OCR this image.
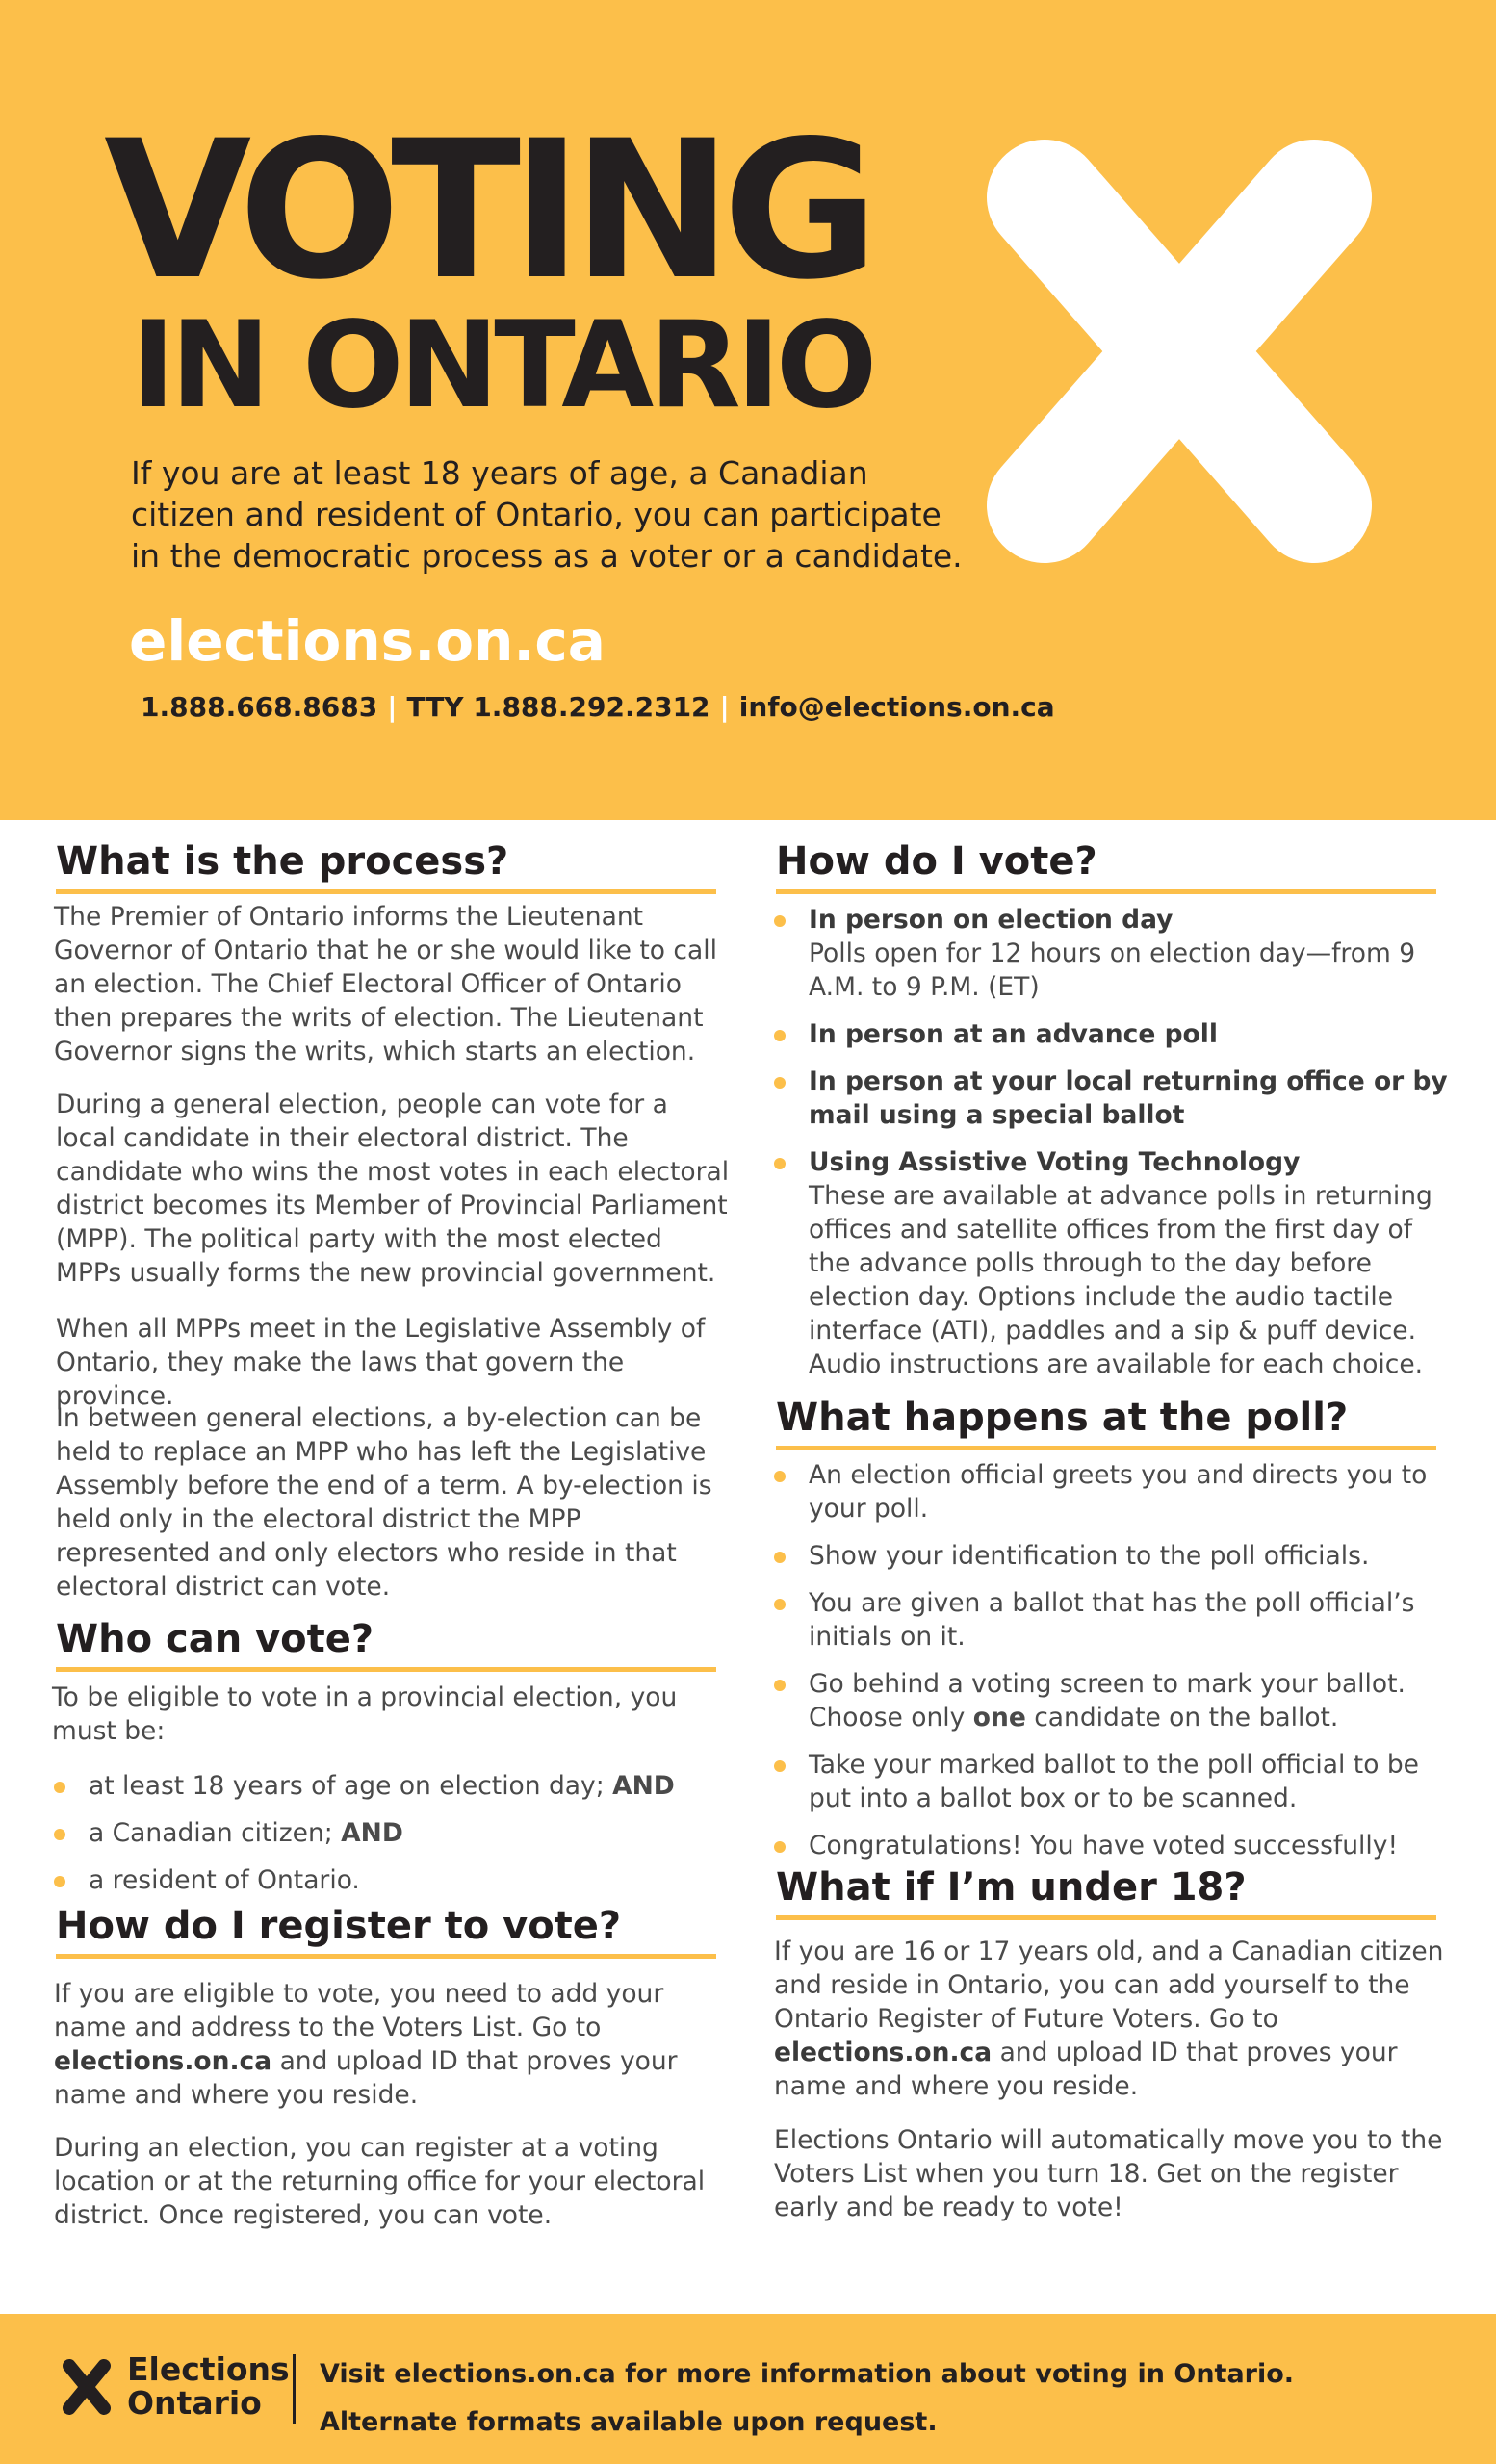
VOTING
IN ONTARIO
If you are at least 18 years of age, a Canadian citizen and resident of Ontario, you can participate in the democratic process as a voter or a candidate.
elections.on.ca
1.888.668.8683 | TTY 1.888.292.2312 | info@elections.on.ca
What is the process?
The Premier of Ontario informs the Lieutenant Governor of Ontario that he or she would like to call an election. The Chief Electoral Officer of Ontario then prepares the writs of election. The Lieutenant Governor signs the writs, which starts an election.
During a general election, people can vote for a local candidate in their electoral district. The candidate who wins the most votes in each electoral district becomes its Member of Provincial Parliament (MPP). The political party with the most elected MPPs usually forms the new provincial government.
When all MPPs meet in the Legislative Assembly of Ontario, they make the laws that govern the province.
In between general elections, a by-election can be held to replace an MPP who has left the Legislative Assembly before the end of a term. A by-election is held only in the electoral district the MPP represented and only electors who reside in that electoral district can vote.
Who can vote?
To be eligible to vote in a provincial election, you must be:
at least 18 years of age on election day; AND
a Canadian citizen; AND
a resident of Ontario.
How do I register to vote?
If you are eligible to vote, you need to add your name and address to the Voters List. Go to elections.on.ca and upload ID that proves your name and where you reside.
During an election, you can register at a voting location or at the returning office for your electoral district. Once registered, you can vote.
How do I vote?
In person on election day
Polls open for 12 hours on election day—from 9 A.M. to 9 P.M. (ET)
In person at an advance poll
In person at your local returning office or by mail using a special ballot
Using Assistive Voting Technology
These are available at advance polls in returning offices and satellite offices from the first day of the advance polls through to the day before election day. Options include the audio tactile interface (ATI), paddles and a sip & puff device. Audio instructions are available for each choice.
What happens at the poll?
An election official greets you and directs you to your poll.
Show your identification to the poll officials.
You are given a ballot that has the poll official’s initials on it.
Go behind a voting screen to mark your ballot. Choose only one candidate on the ballot.
Take your marked ballot to the poll official to be put into a ballot box or to be scanned.
Congratulations! You have voted successfully!
What if I’m under 18?
If you are 16 or 17 years old, and a Canadian citizen and reside in Ontario, you can add yourself to the Ontario Register of Future Voters. Go to elections.on.ca and upload ID that proves your name and where you reside.
Elections Ontario will automatically move you to the Voters List when you turn 18. Get on the register early and be ready to vote!
Elections
Ontario
Visit elections.on.ca for more information about voting in Ontario.
Alternate formats available upon request.
